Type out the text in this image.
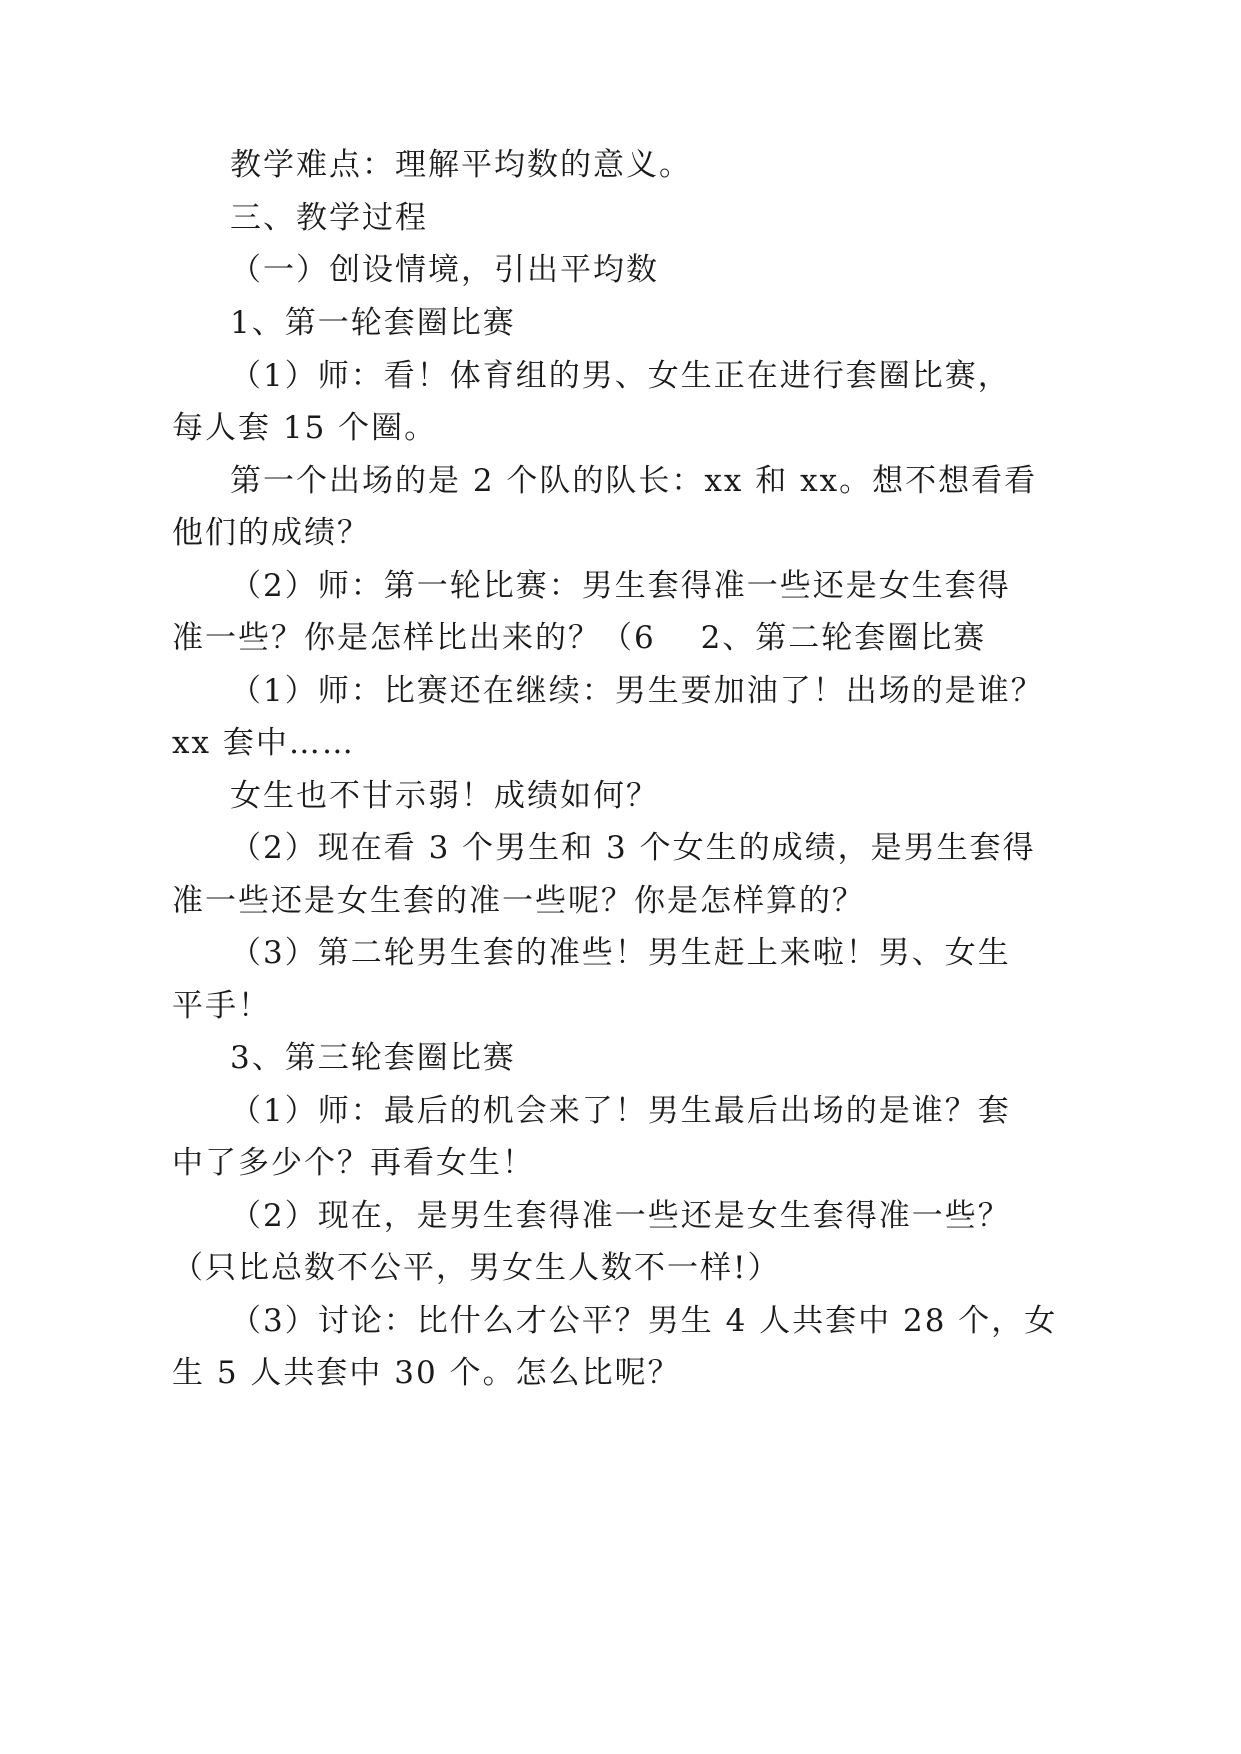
教学难点：理解平均数的意义。
三、教学过程
（一）创设情境，引出平均数
1、第一轮套圈比赛
（1）师：看！体育组的男、女生正在进行套圈比赛，
每人套 15 个圈。
第一个出场的是 2 个队的队长：xx 和 xx。想不想看看
他们的成绩？
（2）师：第一轮比赛：男生套得准一些还是女生套得
准一些？你是怎样比出来的？（6　 2、第二轮套圈比赛
（1）师：比赛还在继续：男生要加油了！出场的是谁？
xx 套中……
女生也不甘示弱！成绩如何？
（2）现在看 3 个男生和 3 个女生的成绩，是男生套得
准一些还是女生套的准一些呢？你是怎样算的？
（3）第二轮男生套的准些！男生赶上来啦！男、女生
平手！
3、第三轮套圈比赛
（1）师：最后的机会来了！男生最后出场的是谁？套
中了多少个？再看女生！
（2）现在，是男生套得准一些还是女生套得准一些？
（只比总数不公平，男女生人数不一样!）
（3）讨论：比什么才公平？男生 4 人共套中 28 个，女
生 5 人共套中 30 个。怎么比呢？
